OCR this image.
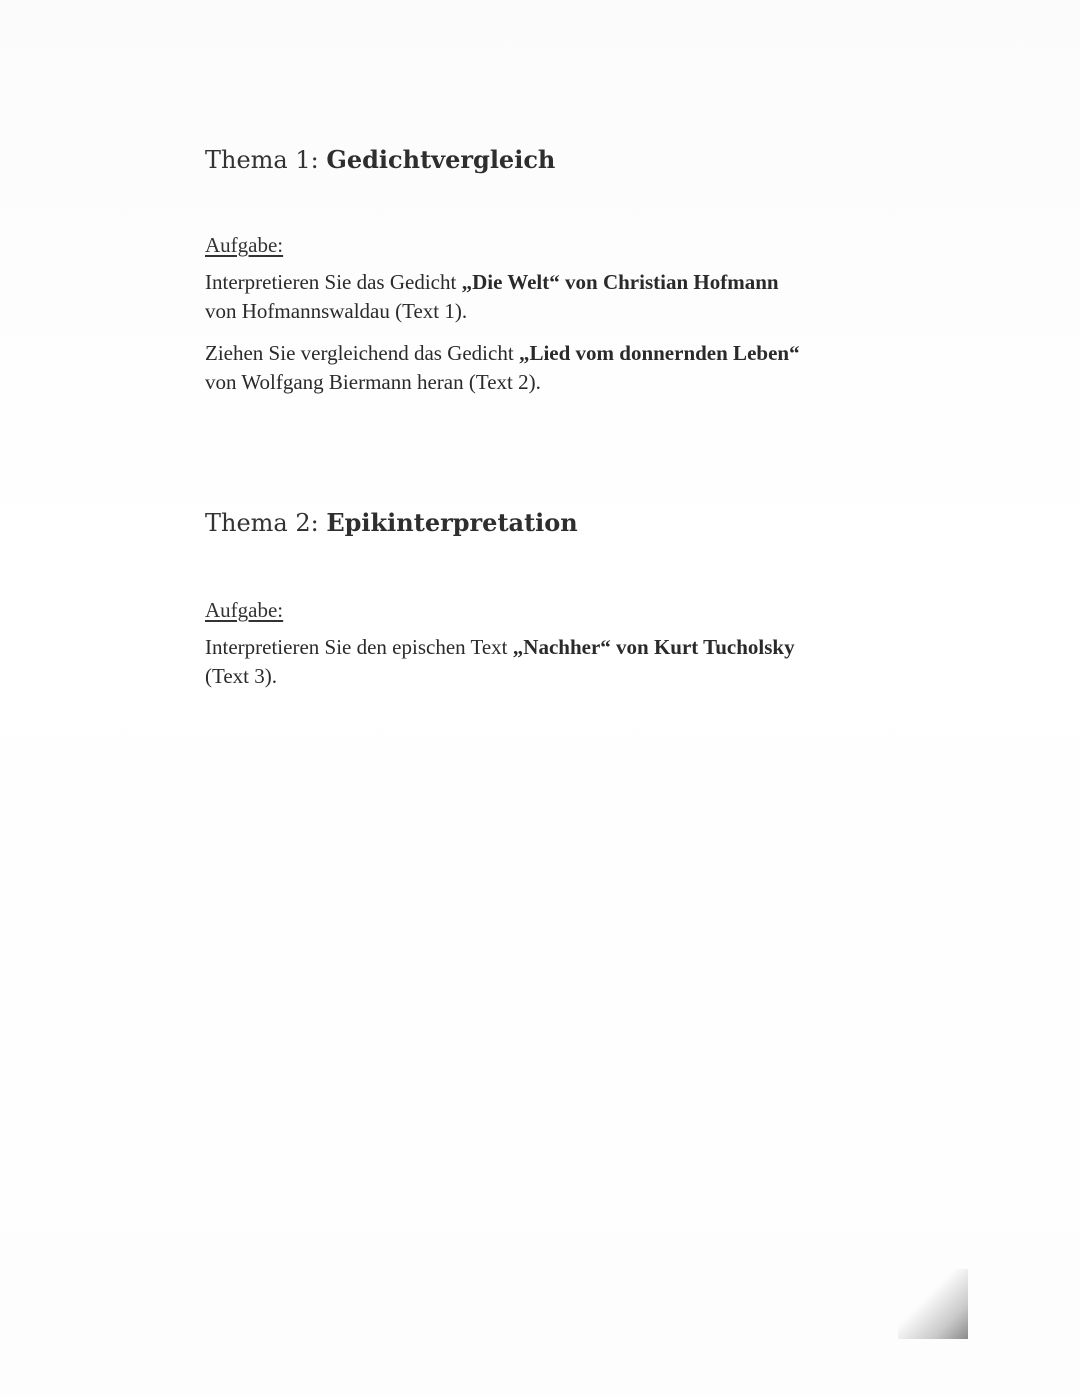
Thema 1: Gedichtvergleich

Aufgabe:

Interpretieren Sie das Gedicht „Die Welt“ von Christian Hofmann
von Hofmannswaldau (Text 1).

Ziehen Sie vergleichend das Gedicht „Lied vom donnernden Leben“
von Wolfgang Biermann heran (Text 2).

Thema 2: Epikinterpretation

Aufgabe:

Interpretieren Sie den epischen Text „Nachher“ von Kurt Tucholsky
(Text 3).
